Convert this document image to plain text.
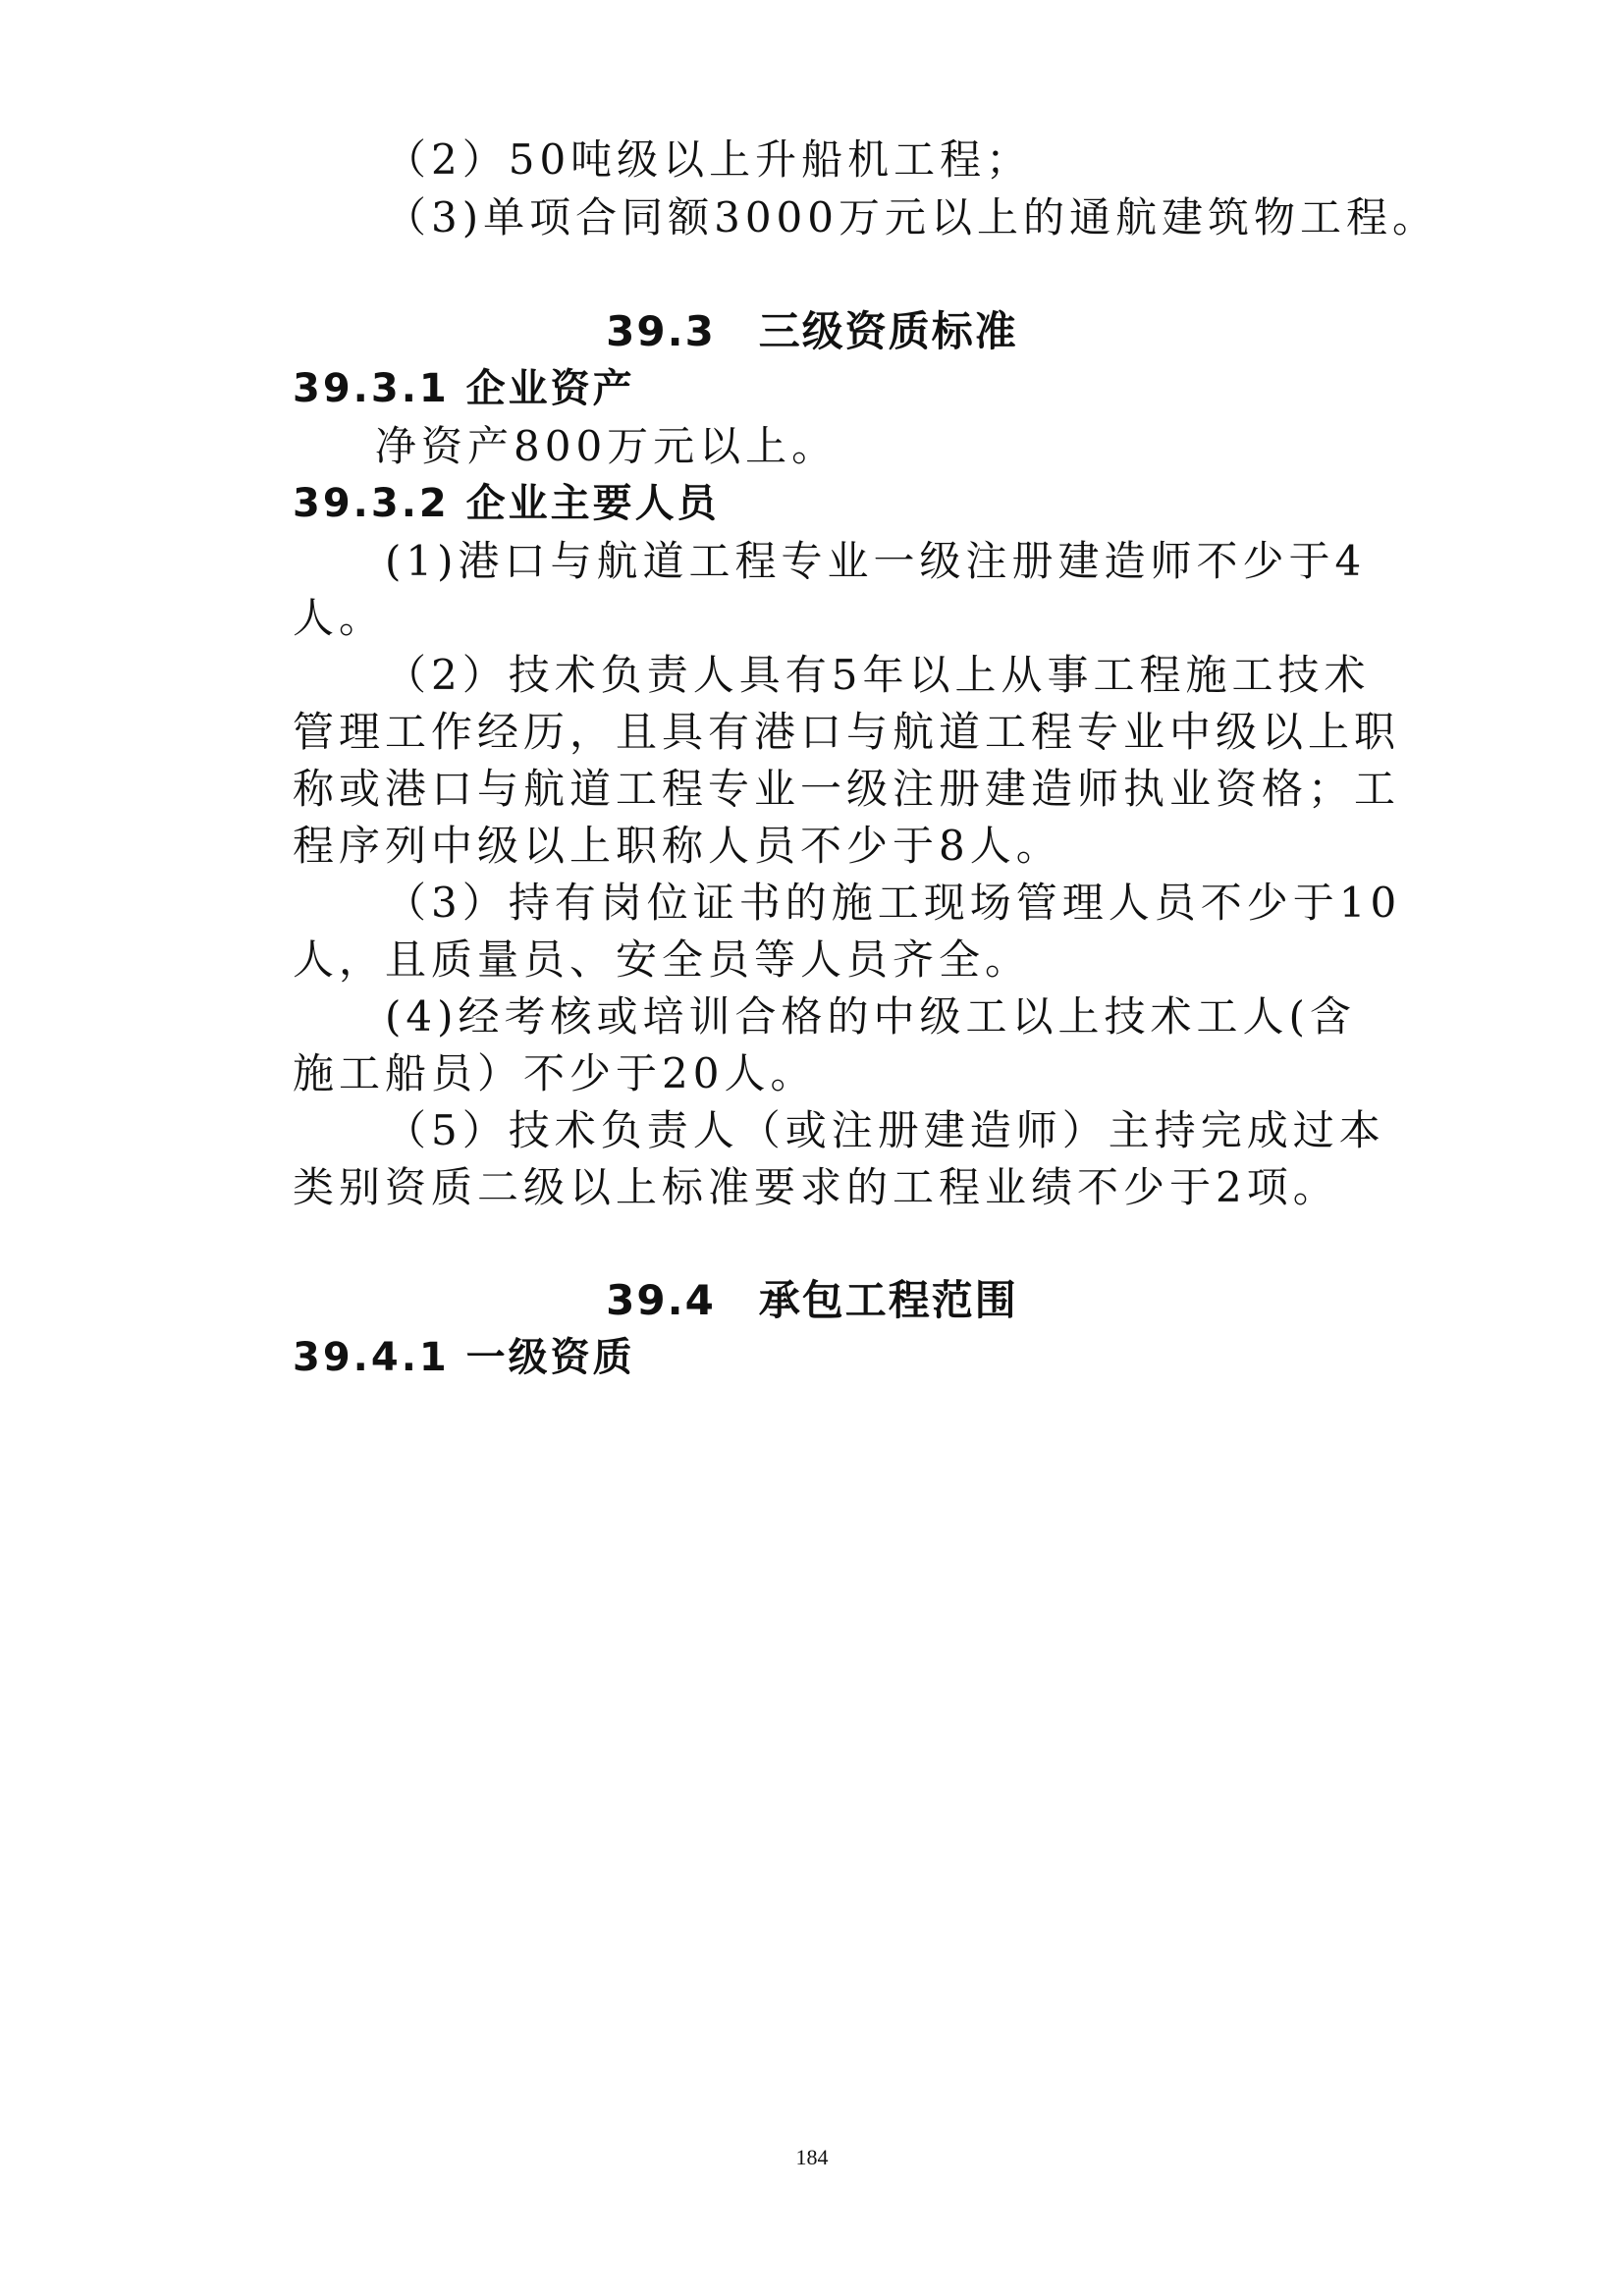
（2）50吨级以上升船机工程；
（3)单项合同额3000万元以上的通航建筑物工程。
39.3　三级资质标准
39.3.1 企业资产
净资产800万元以上。
39.3.2 企业主要人员
(1)港口与航道工程专业一级注册建造师不少于4
人。
（2）技术负责人具有5年以上从事工程施工技术
管理工作经历，且具有港口与航道工程专业中级以上职
称或港口与航道工程专业一级注册建造师执业资格；工
程序列中级以上职称人员不少于8人。
（3）持有岗位证书的施工现场管理人员不少于10
人，且质量员、安全员等人员齐全。
(4)经考核或培训合格的中级工以上技术工人(含
施工船员）不少于20人。
（5）技术负责人（或注册建造师）主持完成过本
类别资质二级以上标准要求的工程业绩不少于2项。
39.4　承包工程范围
39.4.1 一级资质
184
